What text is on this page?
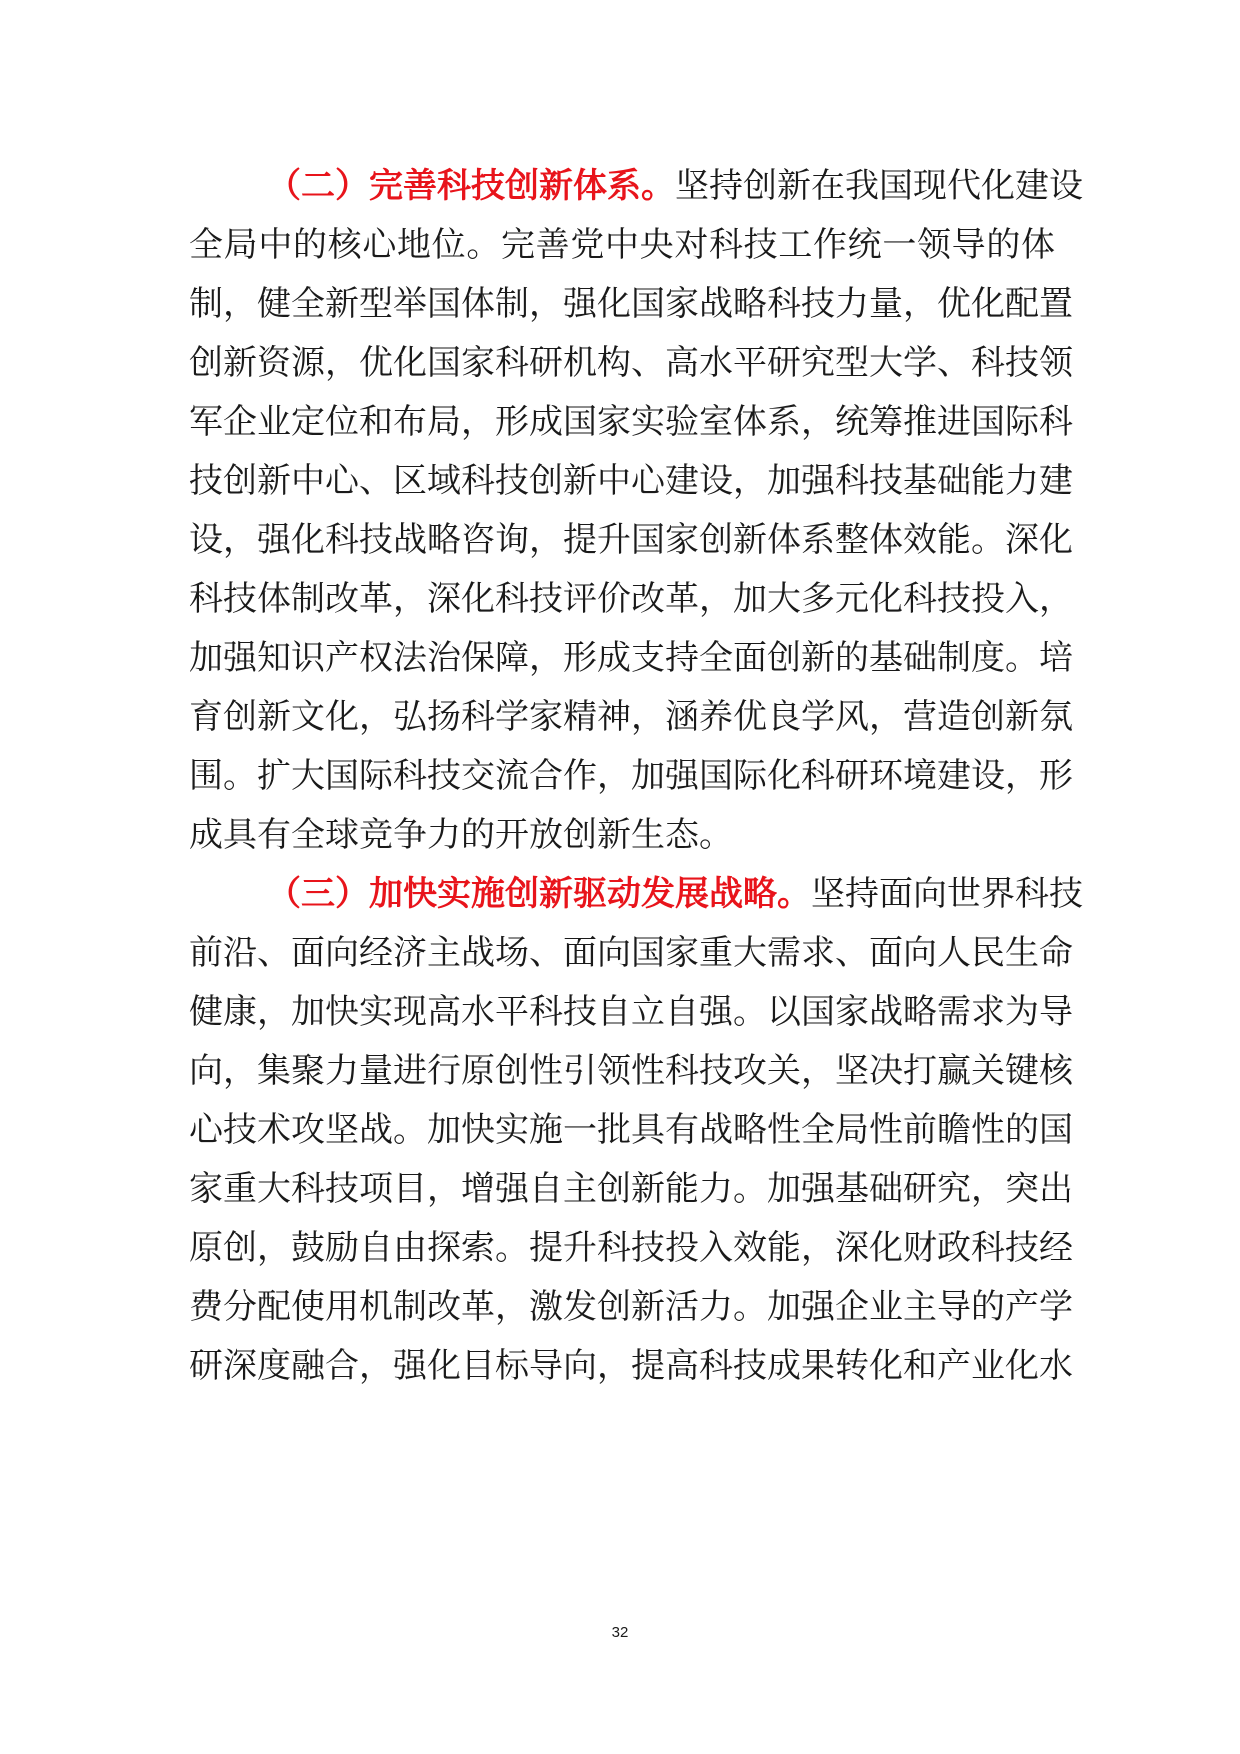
（二）完善科技创新体系。坚持创新在我国现代化建设
全局中的核心地位。完善党中央对科技工作统一领导的体
制，健全新型举国体制，强化国家战略科技力量，优化配置
创新资源，优化国家科研机构、高水平研究型大学、科技领
军企业定位和布局，形成国家实验室体系，统筹推进国际科
技创新中心、区域科技创新中心建设，加强科技基础能力建
设，强化科技战略咨询，提升国家创新体系整体效能。深化
科技体制改革，深化科技评价改革，加大多元化科技投入，
加强知识产权法治保障，形成支持全面创新的基础制度。培
育创新文化，弘扬科学家精神，涵养优良学风，营造创新氛
围。扩大国际科技交流合作，加强国际化科研环境建设，形
成具有全球竞争力的开放创新生态。
（三）加快实施创新驱动发展战略。坚持面向世界科技
前沿、面向经济主战场、面向国家重大需求、面向人民生命
健康，加快实现高水平科技自立自强。以国家战略需求为导
向，集聚力量进行原创性引领性科技攻关，坚决打赢关键核
心技术攻坚战。加快实施一批具有战略性全局性前瞻性的国
家重大科技项目，增强自主创新能力。加强基础研究，突出
原创，鼓励自由探索。提升科技投入效能，深化财政科技经
费分配使用机制改革，激发创新活力。加强企业主导的产学
研深度融合，强化目标导向，提高科技成果转化和产业化水
32
